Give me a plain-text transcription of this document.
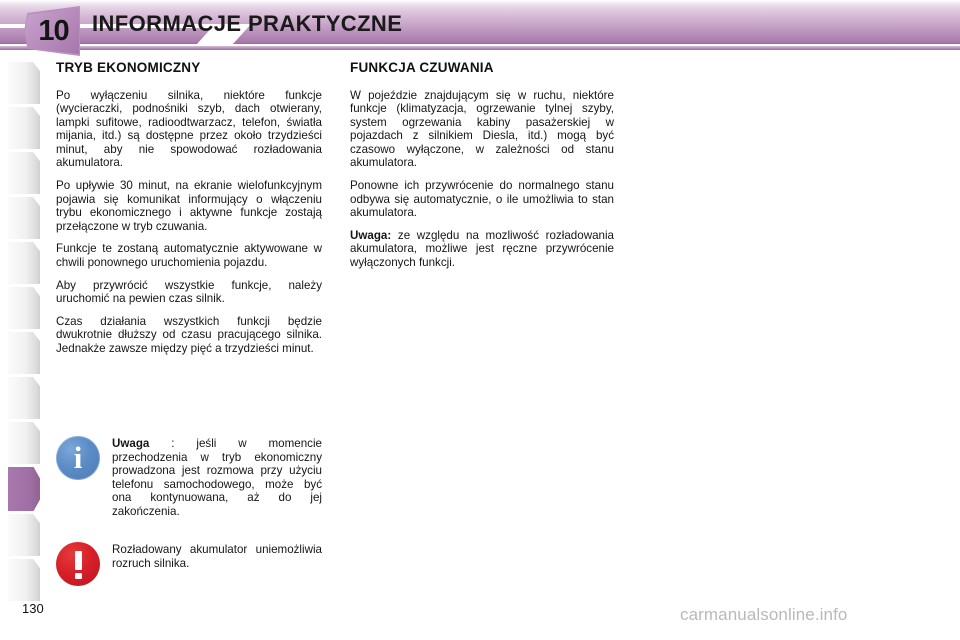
10	INFORMACJE PRAKTYCZNE
TRYB EKONOMICZNY

Po wyłączeniu silnika, niektóre funkcje (wycieraczki, podnośniki szyb, dach otwierany, lampki sufitowe, radioodtwarzacz, telefon, światła mijania, itd.) są dostępne przez około trzydzieści minut, aby nie spowodować rozładowania akumulatora.

Po upływie 30 minut, na ekranie wielofunkcyjnym pojawia się komunikat informujący o włączeniu trybu ekonomicznego i aktywne funkcje zostają przełączone w tryb czuwania.

Funkcje te zostaną automatycznie aktywowane w chwili ponownego uruchomienia pojazdu.

Aby przywrócić wszystkie funkcje, należy uruchomić na pewien czas silnik.

Czas działania wszystkich funkcji będzie dwukrotnie dłuższy od czasu pracującego silnika. Jednakże zawsze między pięć a trzydzieści minut.

FUNKCJA CZUWANIA

W pojeździe znajdującym się w ruchu, niektóre funkcje (klimatyzacja, ogrzewanie tylnej szyby, system ogrzewania kabiny pasażerskiej w pojazdach z silnikiem Diesla, itd.) mogą być czasowo wyłączone, w zależności od stanu akumulatora.

Ponowne ich przywrócenie do normalnego stanu odbywa się automatycznie, o ile umożliwia to stan akumulatora.

Uwaga: ze względu na mozliwość rozładowania akumulatora, możliwe jest ręczne przywrócenie wyłączonych funkcji.

i	Uwaga : jeśli w momencie przechodzenia w tryb ekonomiczny prowadzona jest rozmowa przy użyciu telefonu samochodowego, może być ona kontynuowana, aż do jej zakończenia.

Rozładowany akumulator uniemożliwia rozruch silnika.

130	carmanualsonline.info
